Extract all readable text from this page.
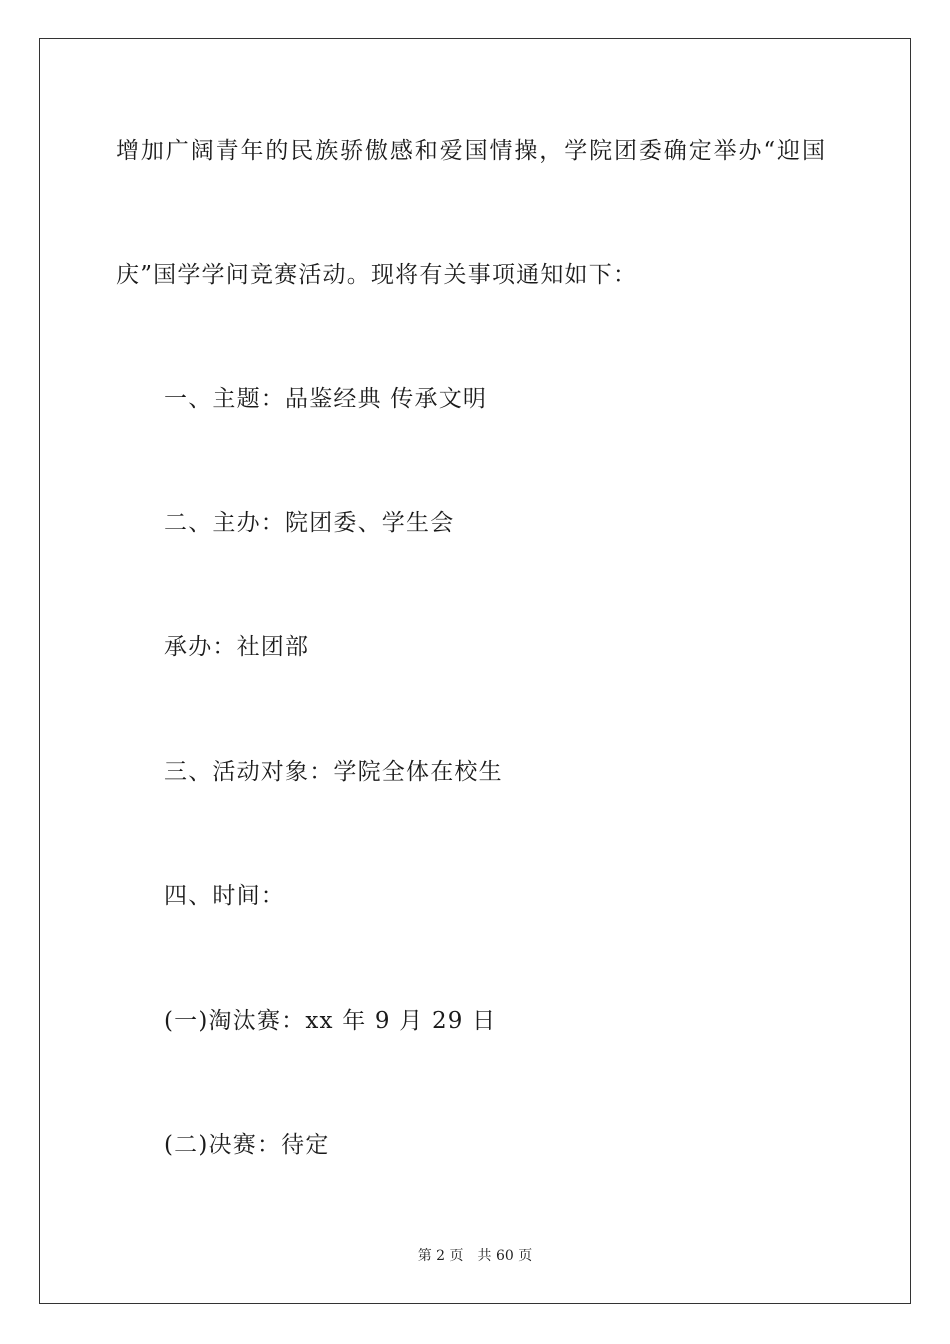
增加广阔青年的民族骄傲感和爱国情操，学院团委确定举办“迎国
庆”国学学问竞赛活动。现将有关事项通知如下：
一、主题：品鉴经典 传承文明
二、主办：院团委、学生会
承办：社团部
三、活动对象：学院全体在校生
四、时间：
(一)淘汰赛：xx 年 9 月 29 日
(二)决赛：待定
第 2 页　共 60 页
